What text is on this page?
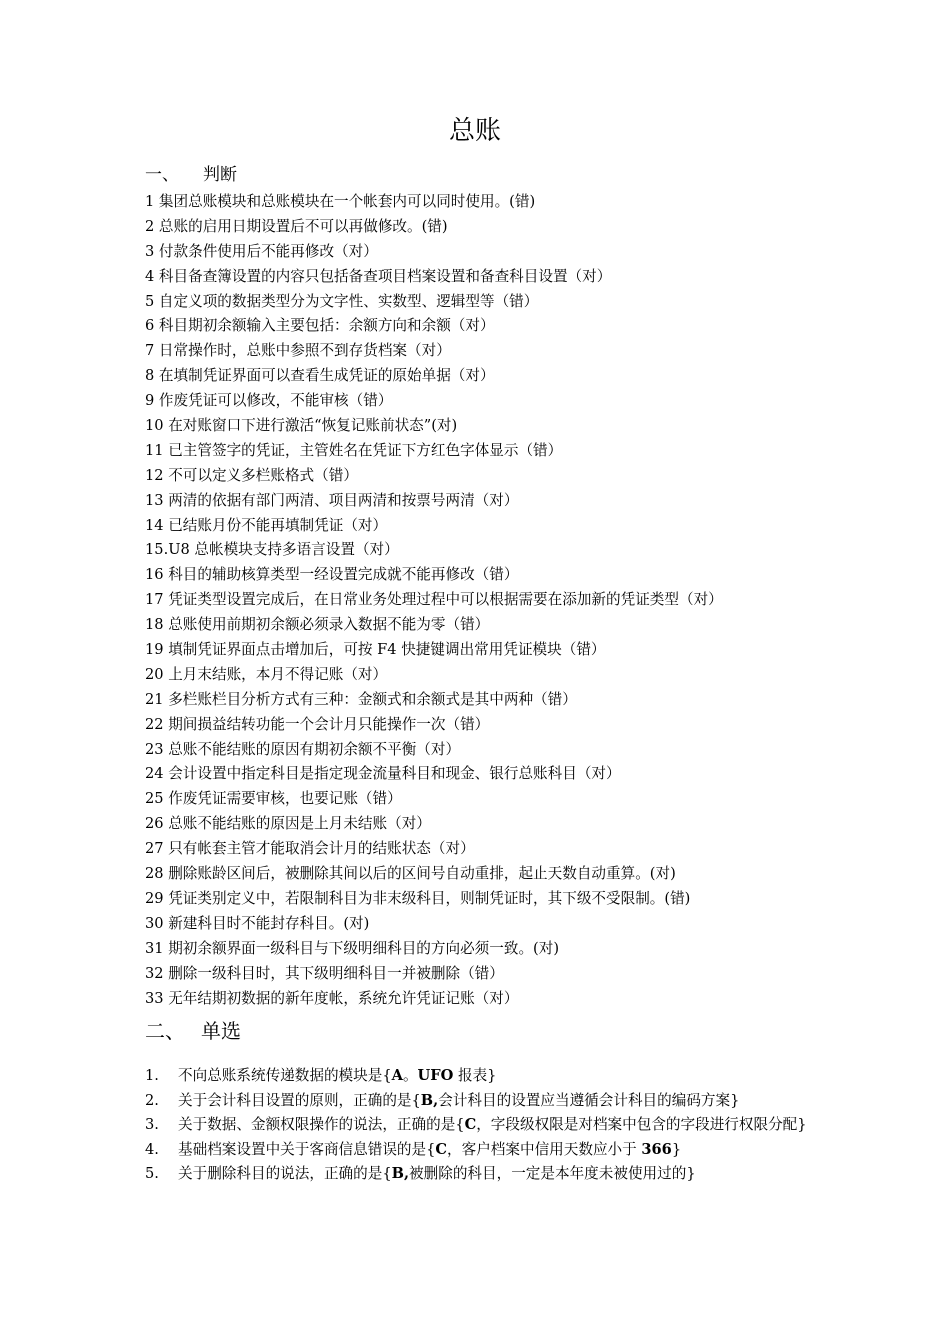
总账
一、 判断
1 集团总账模块和总账模块在一个帐套内可以同时使用。(错)
2 总账的启用日期设置后不可以再做修改。(错)
3 付款条件使用后不能再修改（对）
4 科目备查簿设置的内容只包括备查项目档案设置和备查科目设置（对）
5 自定义项的数据类型分为文字性、实数型、逻辑型等（错）
6 科目期初余额输入主要包括：余额方向和余额（对）
7 日常操作时，总账中参照不到存货档案（对）
8 在填制凭证界面可以查看生成凭证的原始单据（对）
9 作废凭证可以修改，不能审核（错）
10 在对账窗口下进行激活“恢复记账前状态”(对)
11 已主管签字的凭证，主管姓名在凭证下方红色字体显示（错）
12 不可以定义多栏账格式（错）
13 两清的依据有部门两清、项目两清和按票号两清（对）
14 已结账月份不能再填制凭证（对）
15.U8 总帐模块支持多语言设置（对）
16 科目的辅助核算类型一经设置完成就不能再修改（错）
17 凭证类型设置完成后，在日常业务处理过程中可以根据需要在添加新的凭证类型（对）
18 总账使用前期初余额必须录入数据不能为零（错）
19 填制凭证界面点击增加后，可按 F4 快捷键调出常用凭证模块（错）
20 上月末结账，本月不得记账（对）
21 多栏账栏目分析方式有三种：金额式和余额式是其中两种（错）
22 期间损益结转功能一个会计月只能操作一次（错）
23 总账不能结账的原因有期初余额不平衡（对）
24 会计设置中指定科目是指定现金流量科目和现金、银行总账科目（对）
25 作废凭证需要审核，也要记账（错）
26 总账不能结账的原因是上月未结账（对）
27 只有帐套主管才能取消会计月的结账状态（对）
28 删除账龄区间后，被删除其间以后的区间号自动重排，起止天数自动重算。(对)
29 凭证类别定义中，若限制科目为非末级科目，则制凭证时，其下级不受限制。(错)
30 新建科目时不能封存科目。(对)
31 期初余额界面一级科目与下级明细科目的方向必须一致。(对)
32 删除一级科目时，其下级明细科目一并被删除（错）
33 无年结期初数据的新年度帐，系统允许凭证记账（对）
二、 单选
1.	不向总账系统传递数据的模块是{A。UFO 报表}
2.	关于会计科目设置的原则，正确的是{B,会计科目的设置应当遵循会计科目的编码方案}
3.	关于数据、金额权限操作的说法，正确的是{C，字段级权限是对档案中包含的字段进行权限分配}
4.	基础档案设置中关于客商信息错误的是{C，客户档案中信用天数应小于 366}
5.	关于删除科目的说法，正确的是{B,被删除的科目，一定是本年度未被使用过的}
